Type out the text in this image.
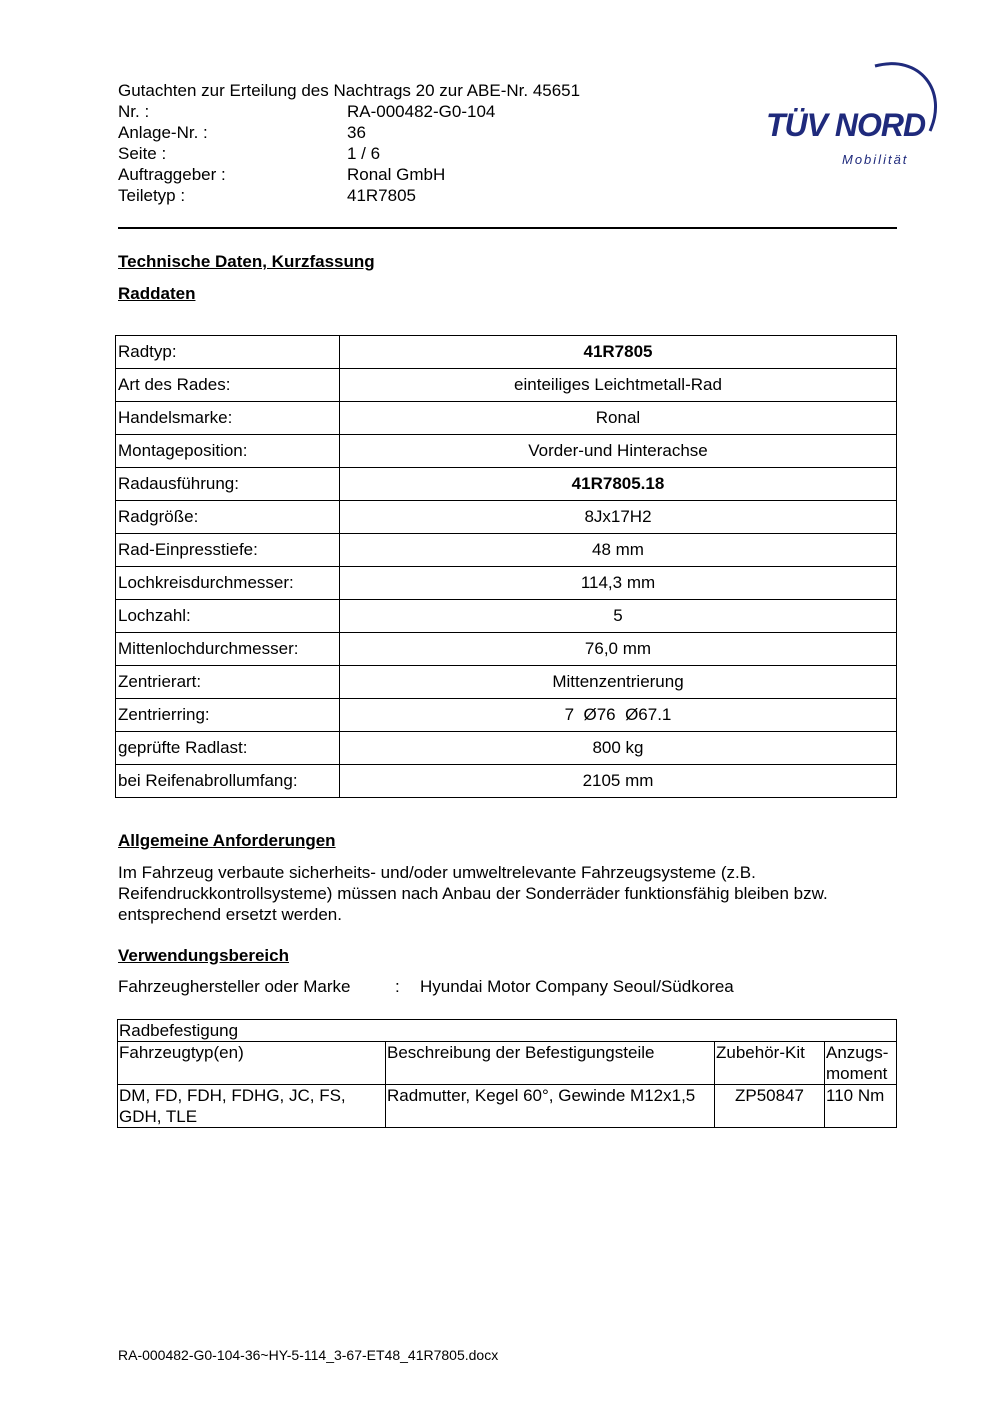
Gutachten zur Erteilung des Nachtrags 20 zur ABE-Nr. 45651
Nr. :	RA-000482-G0-104
Anlage-Nr. :	36
Seite :	1 / 6
Auftraggeber :	Ronal GmbH
Teiletyp :	41R7805
TÜV NORD
Mobilität
Technische Daten, Kurzfassung
Raddaten
Radtyp:	41R7805
Art des Rades:	einteiliges Leichtmetall-Rad
Handelsmarke:	Ronal
Montageposition:	Vorder-und Hinterachse
Radausführung:	41R7805.18
Radgröße:	8Jx17H2
Rad-Einpresstiefe:	48 mm
Lochkreisdurchmesser:	114,3 mm
Lochzahl:	5
Mittenlochdurchmesser:	76,0 mm
Zentrierart:	Mittenzentrierung
Zentrierring:	7  Ø76  Ø67.1
geprüfte Radlast:	800 kg
bei Reifenabrollumfang:	2105 mm
Allgemeine Anforderungen
Im Fahrzeug verbaute sicherheits- und/oder umweltrelevante Fahrzeugsysteme (z.B. Reifendruckkontrollsysteme) müssen nach Anbau der Sonderräder funktionsfähig bleiben bzw. entsprechend ersetzt werden.
Verwendungsbereich
Fahrzeughersteller oder Marke	:	Hyundai Motor Company Seoul/Südkorea
Radbefestigung			
Fahrzeugtyp(en)	Beschreibung der Befestigungsteile	Zubehör-Kit	Anzugs-moment
DM, FD, FDH, FDHG, JC, FS, GDH, TLE	Radmutter, Kegel 60°, Gewinde M12x1,5	ZP50847	110 Nm
RA-000482-G0-104-36~HY-5-114_3-67-ET48_41R7805.docx
